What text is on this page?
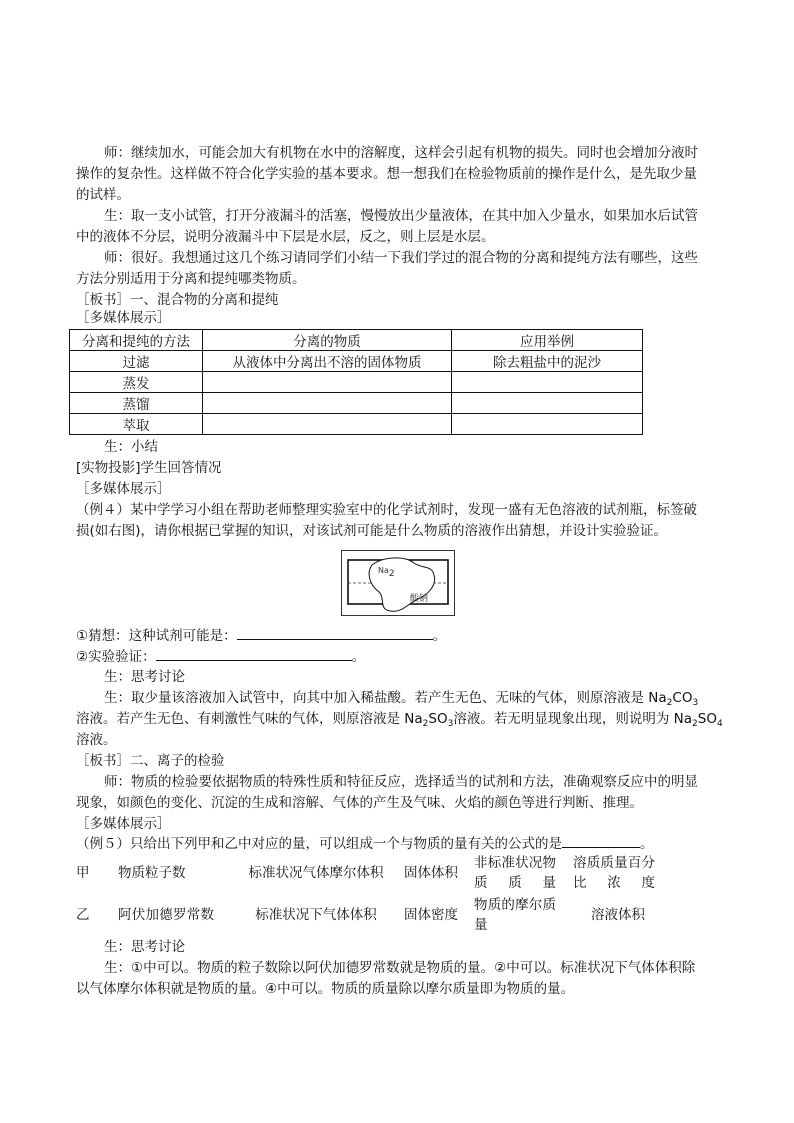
师：继续加水，可能会加大有机物在水中的溶解度，这样会引起有机物的损失。同时也会增加分液时
操作的复杂性。这样做不符合化学实验的基本要求。想一想我们在检验物质前的操作是什么，是先取少量
的试样。
生：取一支小试管，打开分液漏斗的活塞，慢慢放出少量液体，在其中加入少量水，如果加水后试管
中的液体不分层，说明分液漏斗中下层是水层，反之，则上层是水层。
师：很好。我想通过这几个练习请同学们小结一下我们学过的混合物的分离和提纯方法有哪些，这些
方法分别适用于分离和提纯哪类物质。
［板书］一、混合物的分离和提纯
［多媒体展示］
分离和提纯的方法	分离的物质	应用举例
过滤	从液体中分离出不溶的固体物质	除去粗盐中的泥沙
蒸发		
蒸馏		
萃取		
生：小结
[实物投影]学生回答情况
［多媒体展示］
（例４）某中学学习小组在帮助老师整理实验室中的化学试剂时，发现一盛有无色溶液的试剂瓶，标签破
损(如右图)，请你根据已掌握的知识，对该试剂可能是什么物质的溶液作出猜想，并设计实验验证。
$Na_2$
酸钠
①猜想：这种试剂可能是：	。
②实验验证：	。
生：思考讨论
生：取少量该溶液加入试管中，向其中加入稀盐酸。若产生无色、无味的气体，则原溶液是 $Na_2CO_3$
溶液。若产生无色、有刺激性气味的气体，则原溶液是 $Na_2SO_3$溶液。若无明显现象出现，则说明为 $Na_2SO_4$
溶液。
［板书］二、离子的检验
师：物质的检验要依据物质的特殊性质和特征反应，选择适当的试剂和方法，准确观察反应中的明显
现象，如颜色的变化、沉淀的生成和溶解、气体的产生及气味、火焰的颜色等进行判断、推理。
［多媒体展示］
（例５）只给出下列甲和乙中对应的量，可以组成一个与物质的量有关的公式的是	。
甲	物质粒子数	标准状况气体摩尔体积	固体体积	非标准状况物质质量	溶质质量百分比浓度

乙	阿伏加德罗常数	标准状况下气体体积	固体密度	物质的摩尔质量	溶液体积
生：思考讨论
生：①中可以。物质的粒子数除以阿伏加德罗常数就是物质的量。②中可以。标准状况下气体体积除
以气体摩尔体积就是物质的量。④中可以。物质的质量除以摩尔质量即为物质的量。
